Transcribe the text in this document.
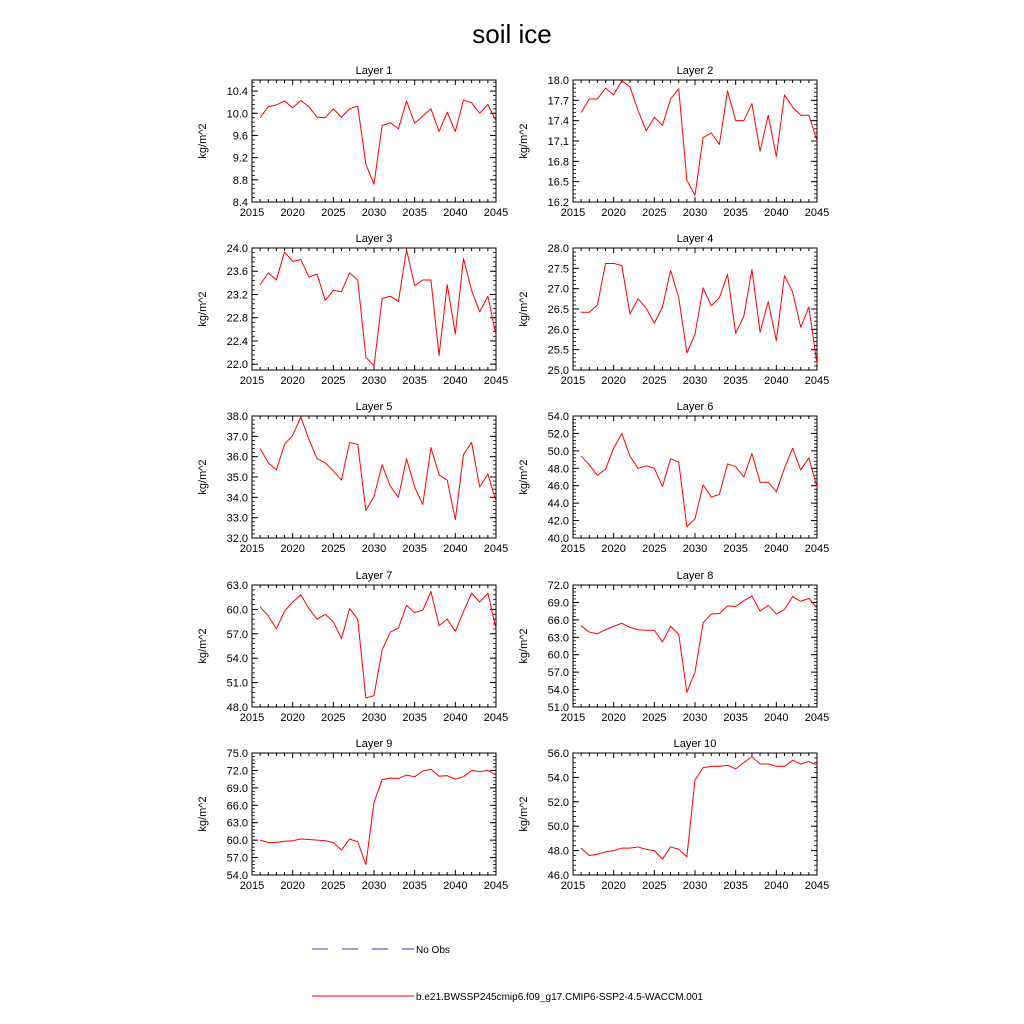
soil ice
Layer 1
kg/m^2
2015 2020 2025 2030 2035 2040 2045
8.4
8.8
9.2
9.6
10.0
10.4
Layer 2
kg/m^2
2015 2020 2025 2030 2035 2040 2045
16.2
16.5
16.8
17.1
17.4
17.7
18.0
Layer 3
kg/m^2
2015 2020 2025 2030 2035 2040 2045
22.0
22.4
22.8
23.2
23.6
24.0
Layer 4
kg/m^2
2015 2020 2025 2030 2035 2040 2045
25.0
25.5
26.0
26.5
27.0
27.5
28.0
Layer 5
kg/m^2
2015 2020 2025 2030 2035 2040 2045
32.0
33.0
34.0
35.0
36.0
37.0
38.0
Layer 6
kg/m^2
2015 2020 2025 2030 2035 2040 2045
40.0
42.0
44.0
46.0
48.0
50.0
52.0
54.0
Layer 7
kg/m^2
2015 2020 2025 2030 2035 2040 2045
48.0
51.0
54.0
57.0
60.0
63.0
Layer 8
kg/m^2
2015 2020 2025 2030 2035 2040 2045
51.0
54.0
57.0
60.0
63.0
66.0
69.0
72.0
Layer 9
kg/m^2
2015 2020 2025 2030 2035 2040 2045
54.0
57.0
60.0
63.0
66.0
69.0
72.0
75.0
Layer 10
kg/m^2
2015 2020 2025 2030 2035 2040 2045
46.0
48.0
50.0
52.0
54.0
56.0
No Obs
b.e21.BWSSP245cmip6.f09_g17.CMIP6-SSP2-4.5-WACCM.001
